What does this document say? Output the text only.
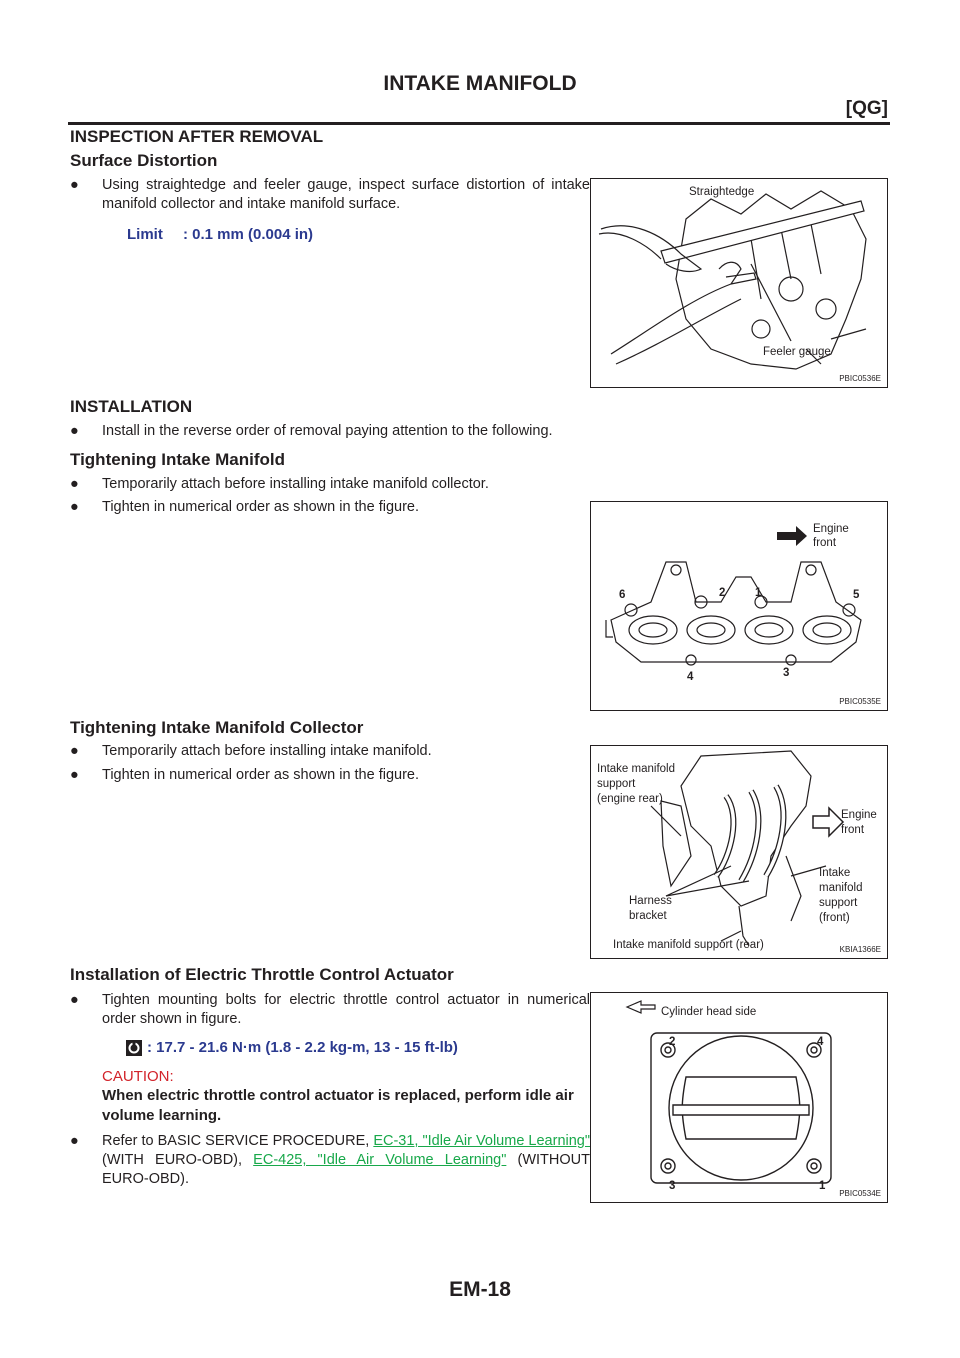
INTAKE MANIFOLD
[QG]
INSPECTION AFTER REMOVAL
Surface Distortion
● Using straightedge and feeler gauge, inspect surface distortion of intake manifold collector and intake manifold surface.
Limit : 0.1 mm (0.004 in)
Straightedge
Feeler gauge
PBIC0536E
INSTALLATION
● Install in the reverse order of removal paying attention to the following.
Tightening Intake Manifold
● Temporarily attach before installing intake manifold collector.
● Tighten in numerical order as shown in the figure.
Engine
front
6	2	1	5
4	3
PBIC0535E
Tightening Intake Manifold Collector
● Temporarily attach before installing intake manifold.
● Tighten in numerical order as shown in the figure.	Intake manifold
support
(engine rear)
Engine
front
Intake
manifold
support
(front)
Harness
bracket
Intake manifold support (rear)	KBIA1366E
Installation of Electric Throttle Control Actuator
● Tighten mounting bolts for electric throttle control actuator in numerical order shown in figure.
: 17.7 - 21.6 N·m (1.8 - 2.2 kg-m, 13 - 15 ft-lb)
CAUTION:
When electric throttle control actuator is replaced, perform idle air volume learning.
● Refer to BASIC SERVICE PROCEDURE, EC-31, "Idle Air Volume Learning" (WITH EURO-OBD), EC-425, "Idle Air Volume Learning" (WITHOUT EURO-OBD).
Cylinder head side
2	4
3	1
PBIC0534E
EM-18
